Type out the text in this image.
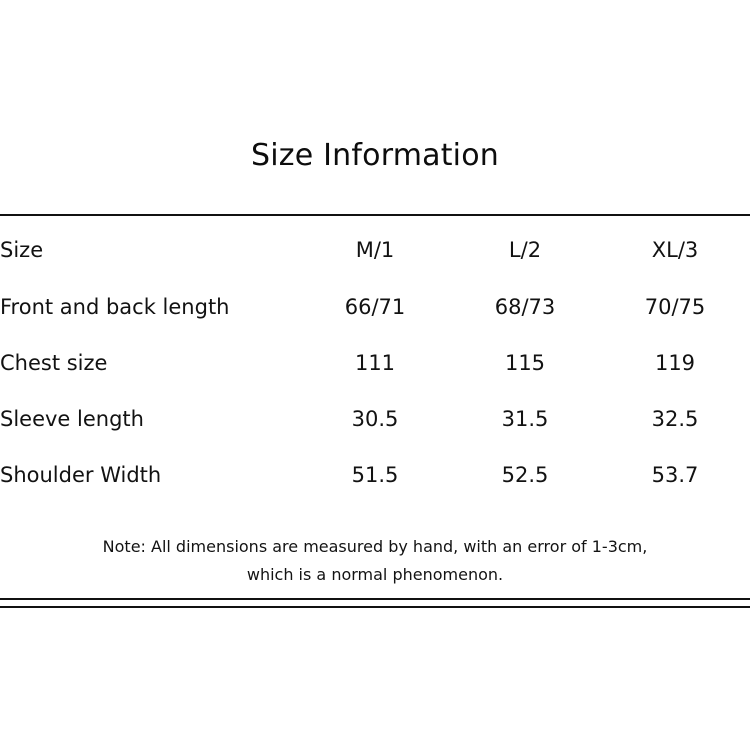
Size Information
Size	M/1	L/2	XL/3
Front and back length	66/71	68/73	70/75
Chest size	111	115	119
Sleeve length	30.5	31.5	32.5
Shoulder Width	51.5	52.5	53.7
Note: All dimensions are measured by hand, with an error of 1-3cm,
which is a normal phenomenon.
